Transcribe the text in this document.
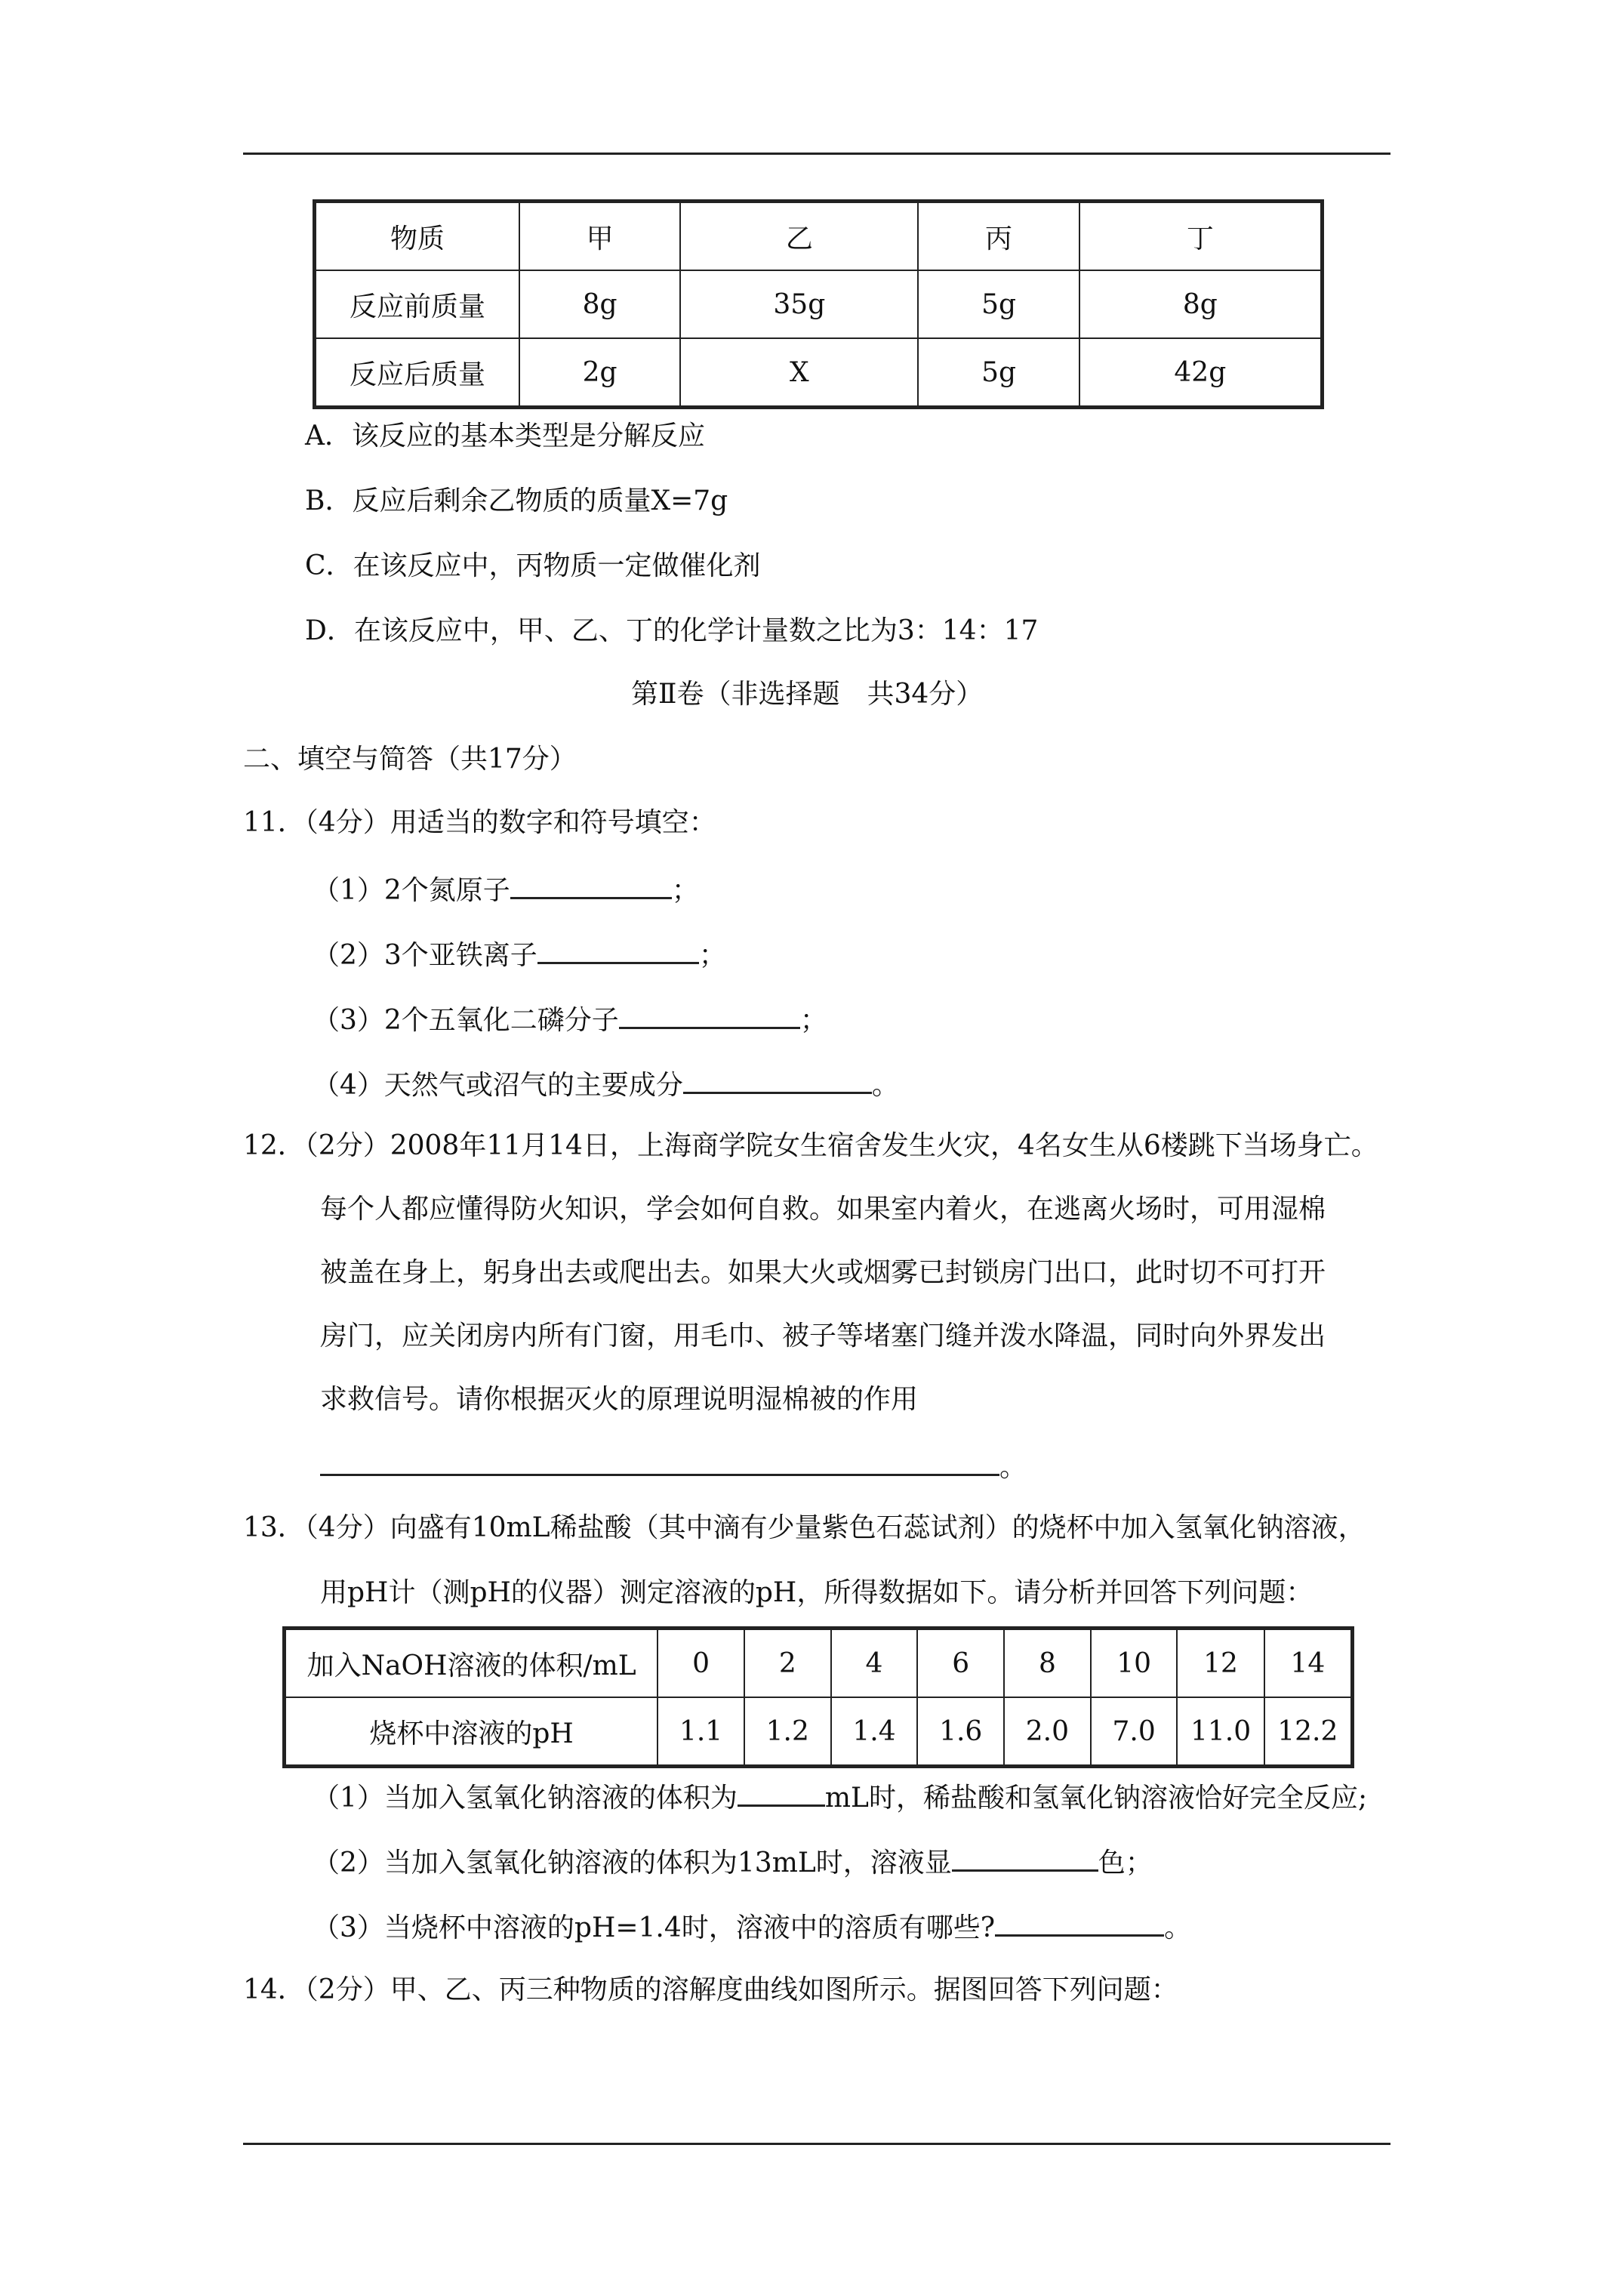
物质	甲	乙	丙	丁
反应前质量	8g	35g	5g	8g
反应后质量	2g	X	5g	42g
A．该反应的基本类型是分解反应
B．反应后剩余乙物质的质量X=7g
C．在该反应中，丙物质一定做催化剂
D．在该反应中，甲、乙、丁的化学计量数之比为3：14：17
第Ⅱ卷（非选择题　共34分）
二、填空与简答（共17分）
11．（4分）用适当的数字和符号填空：
（1）2个氮原子	；
（2）3个亚铁离子	；
（3）2个五氧化二磷分子	；
（4）天然气或沼气的主要成分	。
12．（2分）2008年11月14日，上海商学院女生宿舍发生火灾，4名女生从6楼跳下当场身亡。
每个人都应懂得防火知识，学会如何自救。如果室内着火，在逃离火场时，可用湿棉
被盖在身上，躬身出去或爬出去。如果大火或烟雾已封锁房门出口，此时切不可打开
房门，应关闭房内所有门窗，用毛巾、被子等堵塞门缝并泼水降温，同时向外界发出
求救信号。请你根据灭火的原理说明湿棉被的作用
。
13．（4分）向盛有10mL稀盐酸（其中滴有少量紫色石蕊试剂）的烧杯中加入氢氧化钠溶液，
用pH计（测pH的仪器）测定溶液的pH，所得数据如下。请分析并回答下列问题：
加入NaOH溶液的体积/mL	0	2	4	6	8	10	12	14
烧杯中溶液的pH	1.1	1.2	1.4	1.6	2.0	7.0	11.0	12.2
（1）当加入氢氧化钠溶液的体积为	mL时，稀盐酸和氢氧化钠溶液恰好完全反应;
（2）当加入氢氧化钠溶液的体积为13mL时，溶液显	色；
（3）当烧杯中溶液的pH=1.4时，溶液中的溶质有哪些?	。
14．（2分）甲、乙、丙三种物质的溶解度曲线如图所示。据图回答下列问题：
